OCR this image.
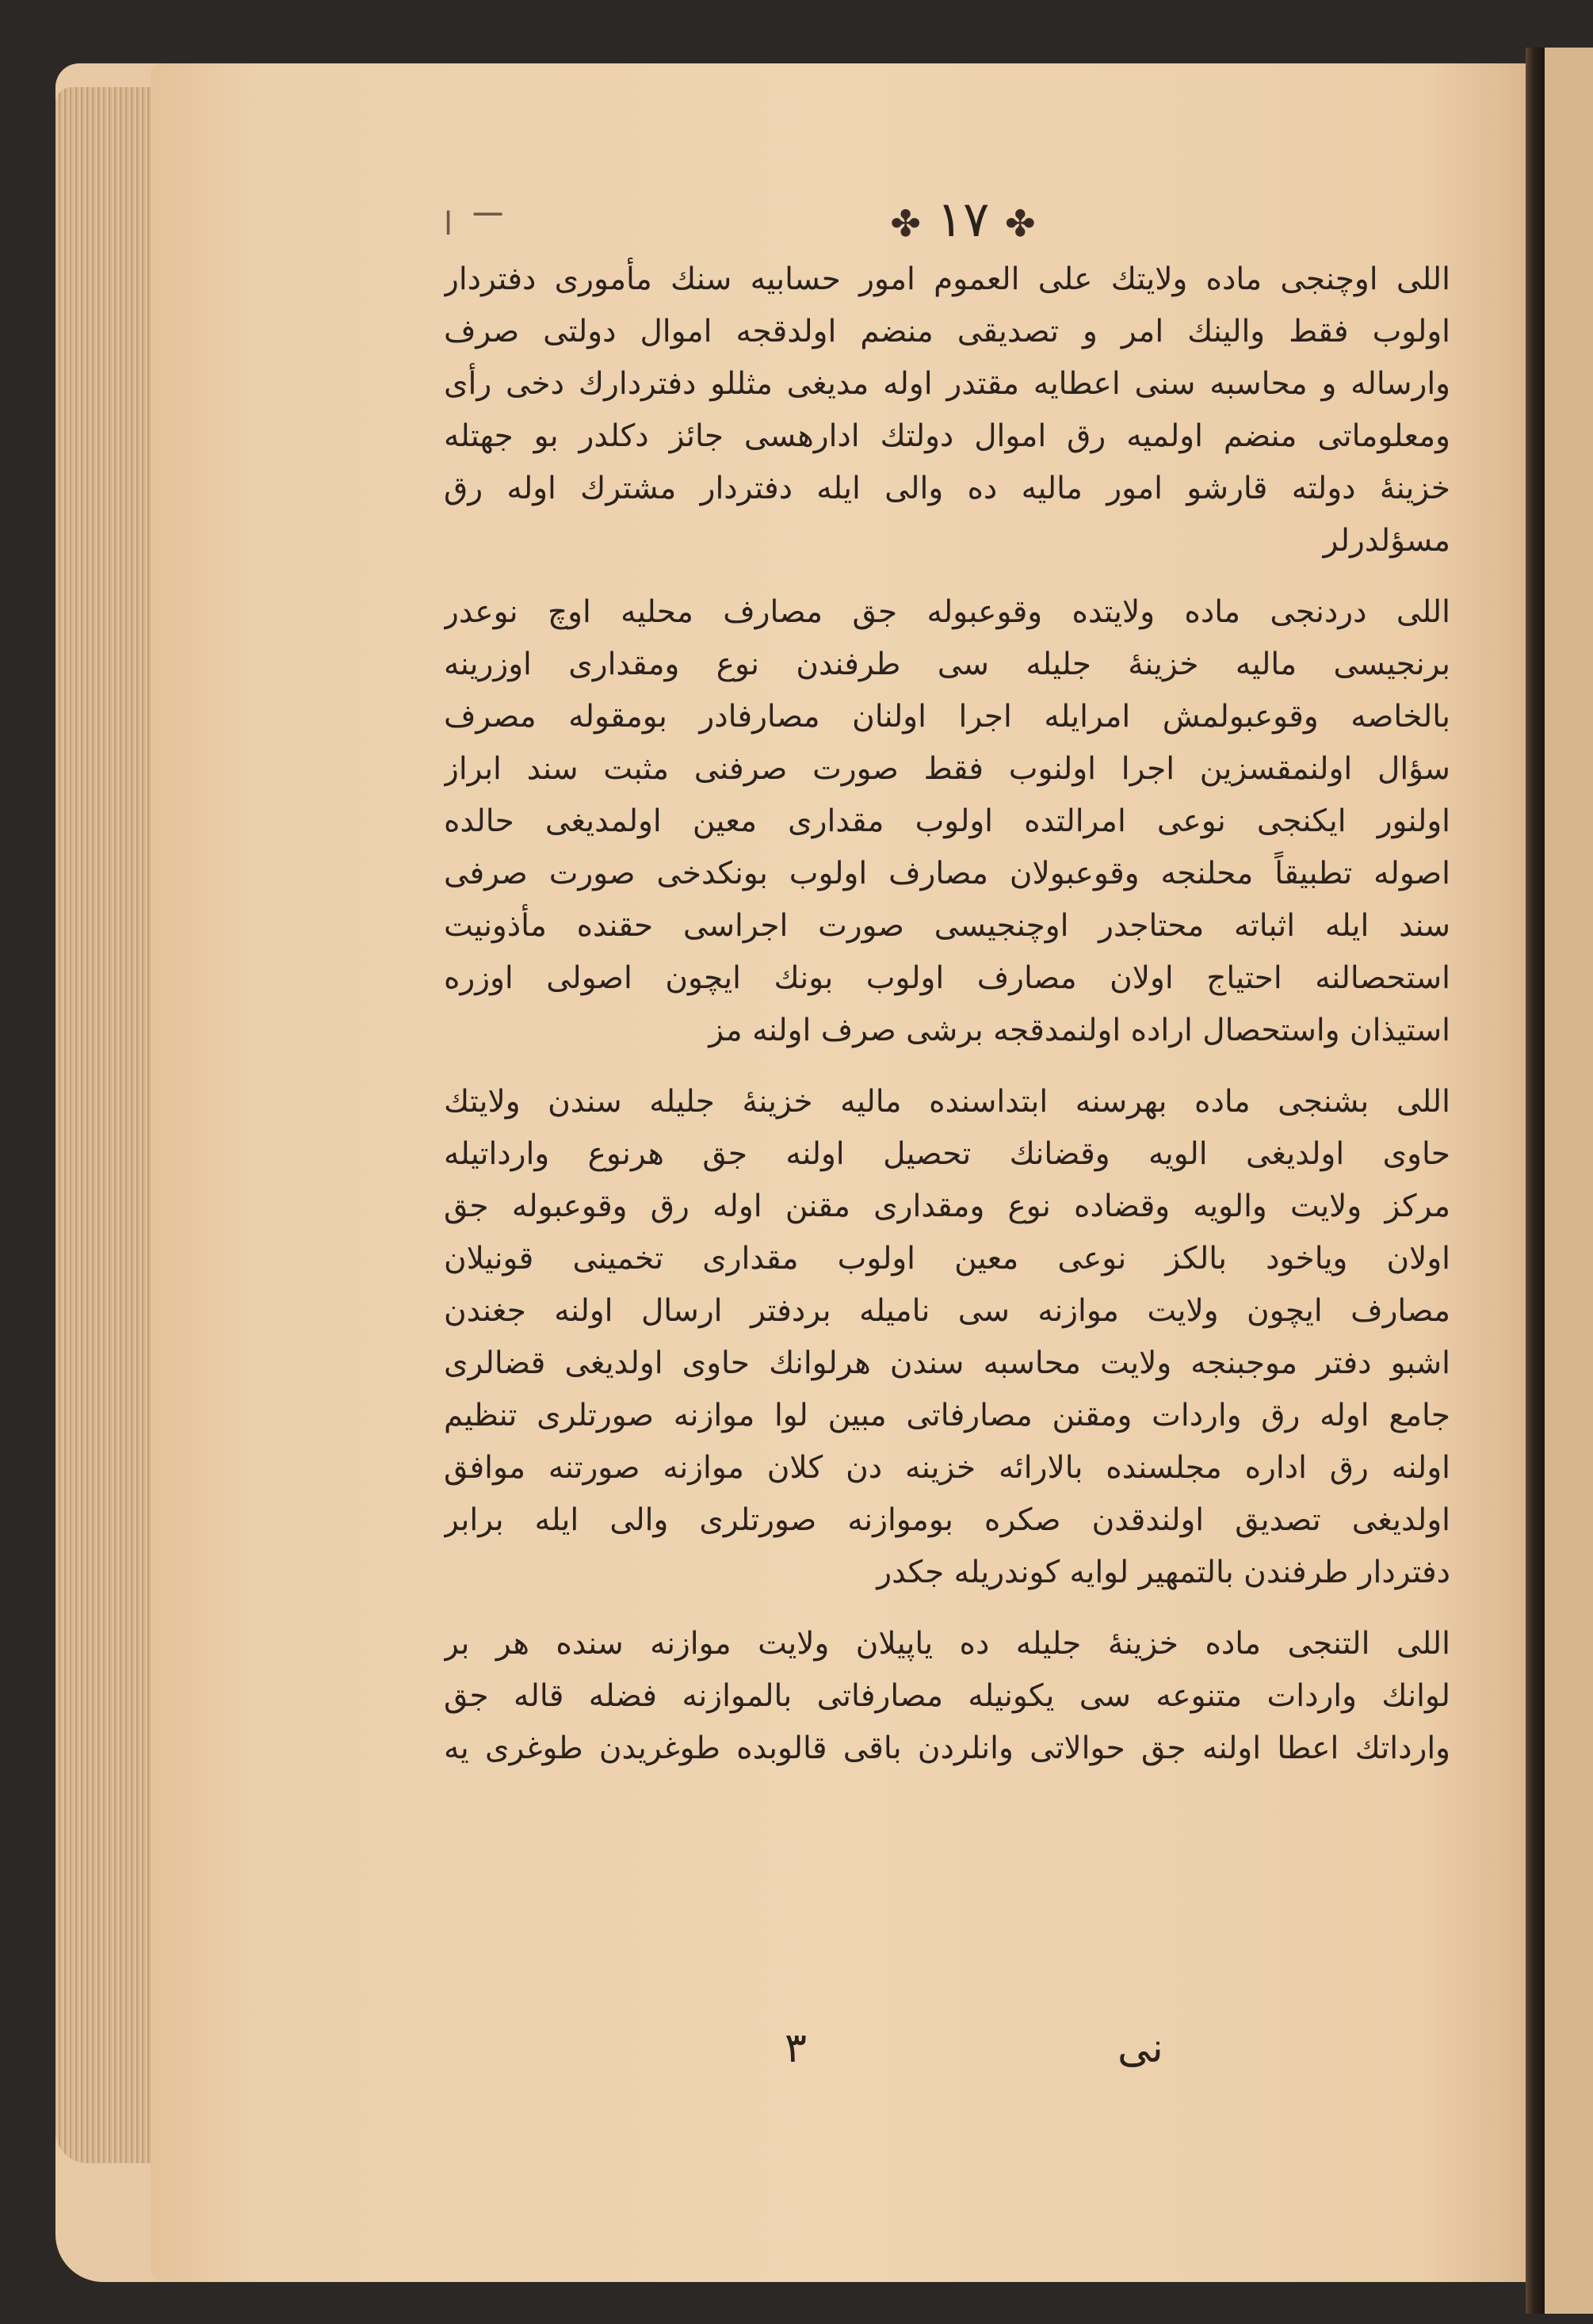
ـــ
ا	✤ ١٧ ✤
اللی اوچنجی ماده ولایتك علی العموم امور حسابیه سنك مأموری دفتردار
اولوب فقط والینك امر و تصدیقی منضم اولدقجه اموال دولتی صرف
وارساله و محاسبه سنی اعطایه مقتدر اوله مدیغی مثللو دفتردارك دخی رأی
ومعلوماتی منضم اولمیه رق اموال دولتك ادارهسی جائز دکلدر بو جهتله
خزینهٔ دولته قارشو امور مالیه ده والی ایله دفتردار مشترك اوله رق
مسؤلدرلر
اللی دردنجی ماده ولایتده وقوعبوله جق مصارف محلیه اوچ نوعدر
برنجیسی مالیه خزینهٔ جلیله سی طرفندن نوع ومقداری اوزرینه
بالخاصه وقوعبولمش امرایله اجرا اولنان مصارفادر بومقوله مصرف
سؤال اولنمقسزین اجرا اولنوب فقط صورت صرفنی مثبت سند ابراز
اولنور ایکنجی نوعی امرالتده اولوب مقداری معین اولمدیغی حالده
اصوله تطبیقاً محلنجه وقوعبولان مصارف اولوب بونکدخی صورت صرفی
سند ایله اثباته محتاجدر اوچنجیسی صورت اجراسی حقنده مأذونیت
استحصالنه احتیاج اولان مصارف اولوب بونك ایچون اصولی اوزره
استیذان واستحصال اراده اولنمدقجه برشی صرف اولنه مز
اللی بشنجی ماده بهرسنه ابتداسنده مالیه خزینهٔ جلیله سندن ولایتك
حاوی اولدیغی الویه وقضانك تحصیل اولنه جق هرنوع وارداتیله
مرکز ولایت والویه وقضاده نوع ومقداری مقنن اوله رق وقوعبوله جق
اولان وياخود بالکز نوعی معین اولوب مقداری تخمینی قونیلان
مصارف ایچون ولایت موازنه سی نامیله بردفتر ارسال اولنه جغندن
اشبو دفتر موجبنجه ولایت محاسبه سندن هرلوانك حاوی اولدیغی قضالری
جامع اوله رق واردات ومقنن مصارفاتی مبین لوا موازنه صورتلری تنظیم
اولنه رق اداره مجلسنده بالارائه خزینه دن کلان موازنه صورتنه موافق
اولدیغی تصدیق اولندقدن صکره بوموازنه صورتلری والی ایله برابر
دفتردار طرفندن بالتمهیر لوایه کوندریله جکدر
اللی التنجی ماده خزینهٔ جلیله ده یاپیلان ولایت موازنه سنده هر بر
لوانك واردات متنوعه سی یکونیله مصارفاتی بالموازنه فضله قاله جق
وارداتك اعطا اولنه جق حوالاتی وانلردن باقی قالوبده طوغریدن طوغری یه
٣	نی
